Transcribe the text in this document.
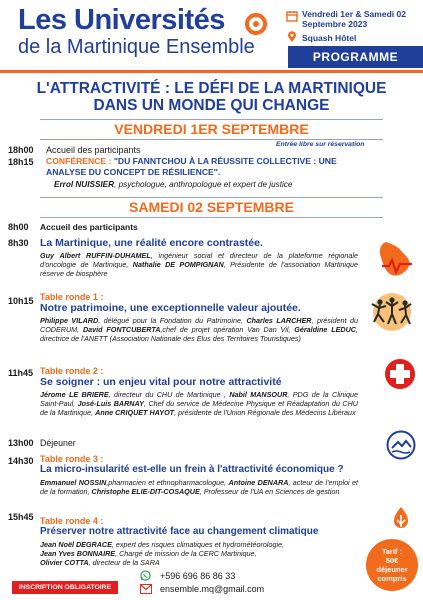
Les Universités
de la Martinique Ensemble
Vendredi 1er & Samedi 02 Septembre 2023
Squash Hôtel
PROGRAMME
L'ATTRACTIVITÉ : LE DÉFI DE LA MARTINIQUE
DANS UN MONDE QUI CHANGE
VENDREDI 1ER SEPTEMBRE
Entrée libre sur réservation
18h00 Accueil des participants
18h15 CONFÉRENCE : "DU FANNTCHOU À LA RÉUSSITE COLLECTIVE : UNE
ANALYSE DU CONCEPT DE RÉSILIENCE".
Errol NUISSIER, psychologue, anthropologue et expert de justice
SAMEDI 02 SEPTEMBRE
8h00 Accueil des participants
8h30 La Martinique, une réalité encore contrastée.
Guy Albert RUFFIN-DUHAMEL, ingénieur social et directeur de la plateforme régionale d'oncologie de Martinique, Nathalie DE POMPIGNAN, Présidente de l'association Martinique réserve de biosphère
10h15 Table ronde 1 :
Notre patrimoine, une exceptionnelle valeur ajoutée.
Philippe VILARD, délégué pour la Fondation du Patrimoine, Charles LARCHER, président du CODERUM, David FONTCUBERTA,chef de projet opération Van Dan Vil, Géraldine LEDUC, directrice de l'ANETT (Association Nationale des Elus des Territoires Touristiques)
11h45 Table ronde 2 :
Se soigner : un enjeu vital pour notre attractivité
Jérome LE BRIERE, directeur du CHU de Martinique , Nabil MANSOUR, PDG de la Clinique Saint-Paul, José-Luis BARNAY, Chef du service de Médecine Physique et Réadaptation du CHU de la Martinique, Anne CRIQUET HAYOT, présidente de l'Union Régionale des Médecins Libéraux
13h00 Déjeuner
14h30 Table ronde 3 :
La micro-insularité est-elle un frein à l'attractivité économique ?
Emmanuel NOSSIN,pharmacien et ethnopharmacologue, Antoine DENARA, acteur de l'emploi et de la formation, Christophe ELIE-DIT-COSAQUE, Professeur de l'UA en Sciences de gestion
15h45 Table ronde 4 :
Préserver notre attractivité face au changement climatique
Jean Noël DEGRACE, expert des risques climatiques et hydrométéorologie,
Jean Yves BONNAIRE, Chargé de mission de la CERC Martinique,
Olivier COTTA, directeur de la SARA
INSCRIPTION OBLIGATOIRE
+596 696 86 86 33
ensemble.mq@gmail.com
Tarif :
50€
déjeuner
compris
